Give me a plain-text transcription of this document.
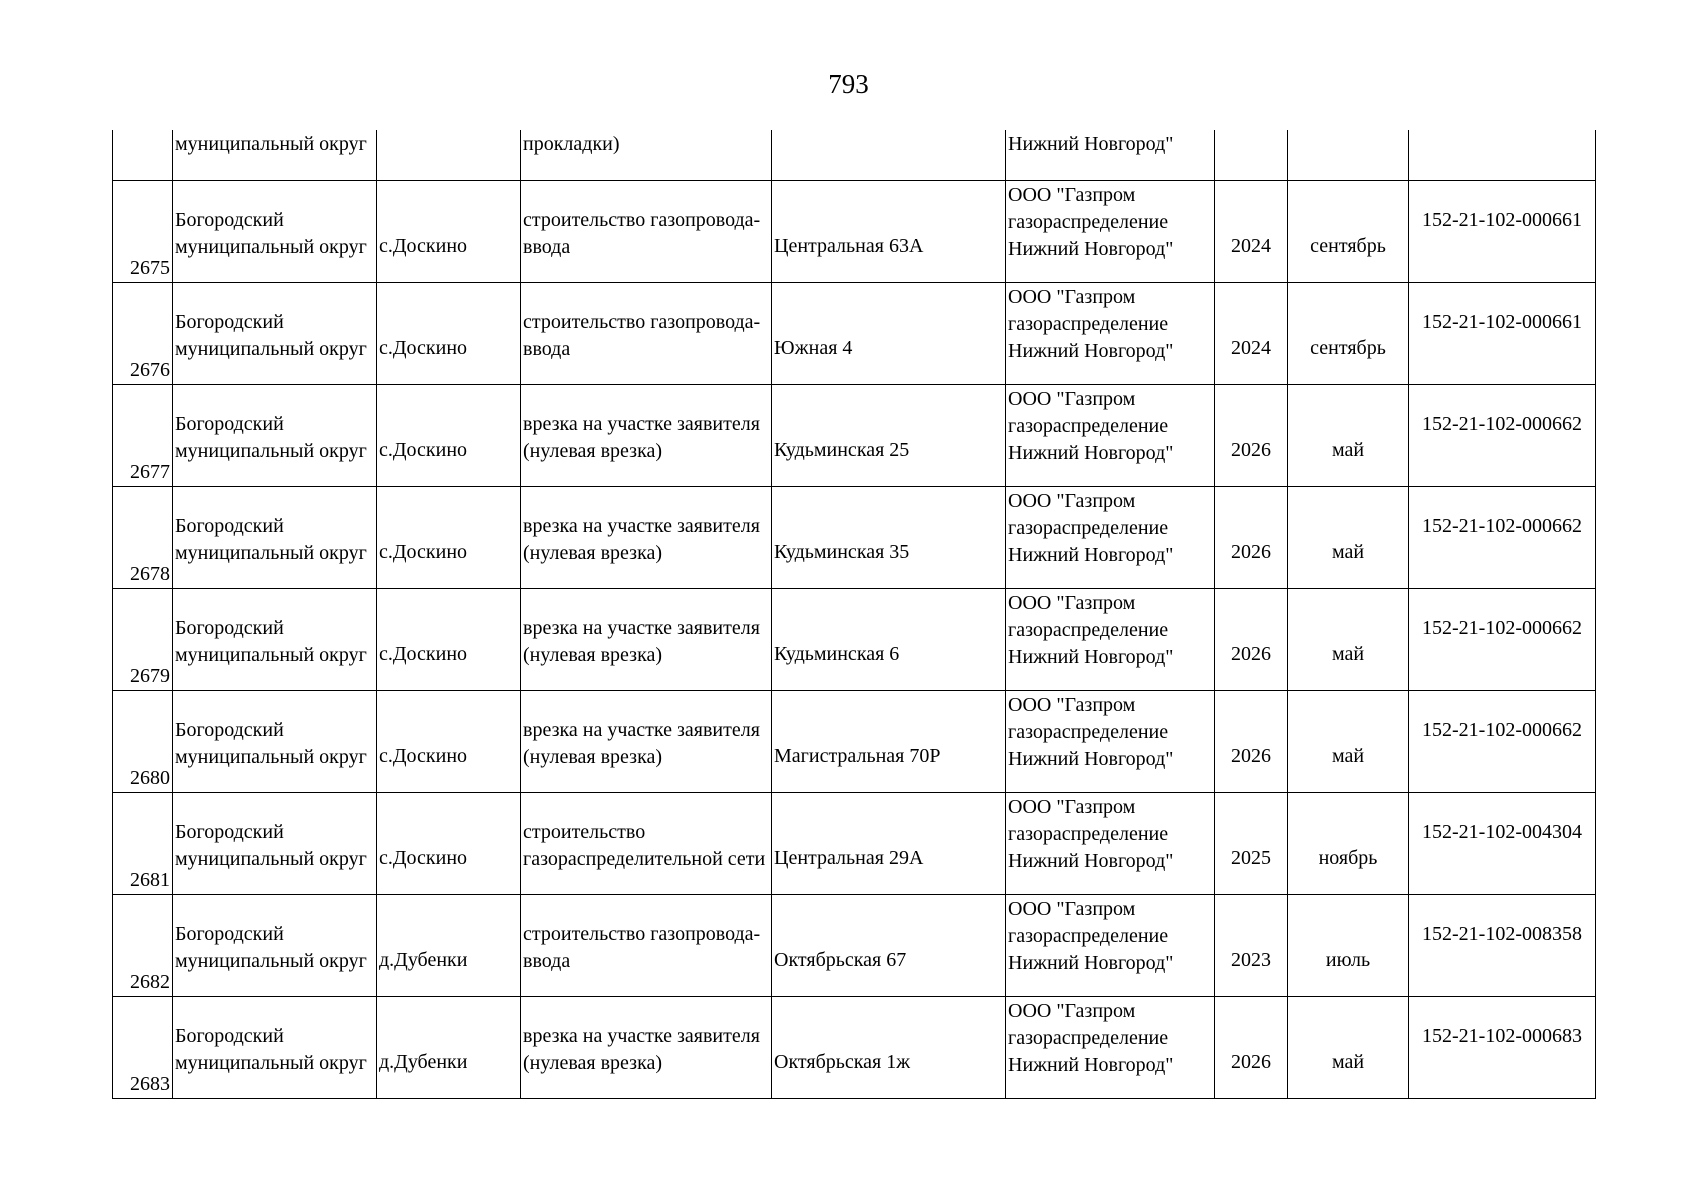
793
	муниципальный округ		прокладки)		Нижний Новгород"			
2675	Богородский
муниципальный округ	с.Доскино	строительство газопровода-
ввода	Центральная 63А	ООО "Газпром
газораспределение
Нижний Новгород"	2024	сентябрь	152-21-102-000661
2676	Богородский
муниципальный округ	с.Доскино	строительство газопровода-
ввода	Южная 4	ООО "Газпром
газораспределение
Нижний Новгород"	2024	сентябрь	152-21-102-000661
2677	Богородский
муниципальный округ	с.Доскино	врезка на участке заявителя
(нулевая врезка)	Кудьминская 25	ООО "Газпром
газораспределение
Нижний Новгород"	2026	май	152-21-102-000662
2678	Богородский
муниципальный округ	с.Доскино	врезка на участке заявителя
(нулевая врезка)	Кудьминская 35	ООО "Газпром
газораспределение
Нижний Новгород"	2026	май	152-21-102-000662
2679	Богородский
муниципальный округ	с.Доскино	врезка на участке заявителя
(нулевая врезка)	Кудьминская 6	ООО "Газпром
газораспределение
Нижний Новгород"	2026	май	152-21-102-000662
2680	Богородский
муниципальный округ	с.Доскино	врезка на участке заявителя
(нулевая врезка)	Магистральная 70Р	ООО "Газпром
газораспределение
Нижний Новгород"	2026	май	152-21-102-000662
2681	Богородский
муниципальный округ	с.Доскино	строительство
газораспределительной сети	Центральная 29А	ООО "Газпром
газораспределение
Нижний Новгород"	2025	ноябрь	152-21-102-004304
2682	Богородский
муниципальный округ	д.Дубенки	строительство газопровода-
ввода	Октябрьская 67	ООО "Газпром
газораспределение
Нижний Новгород"	2023	июль	152-21-102-008358
2683	Богородский
муниципальный округ	д.Дубенки	врезка на участке заявителя
(нулевая врезка)	Октябрьская 1ж	ООО "Газпром
газораспределение
Нижний Новгород"	2026	май	152-21-102-000683
